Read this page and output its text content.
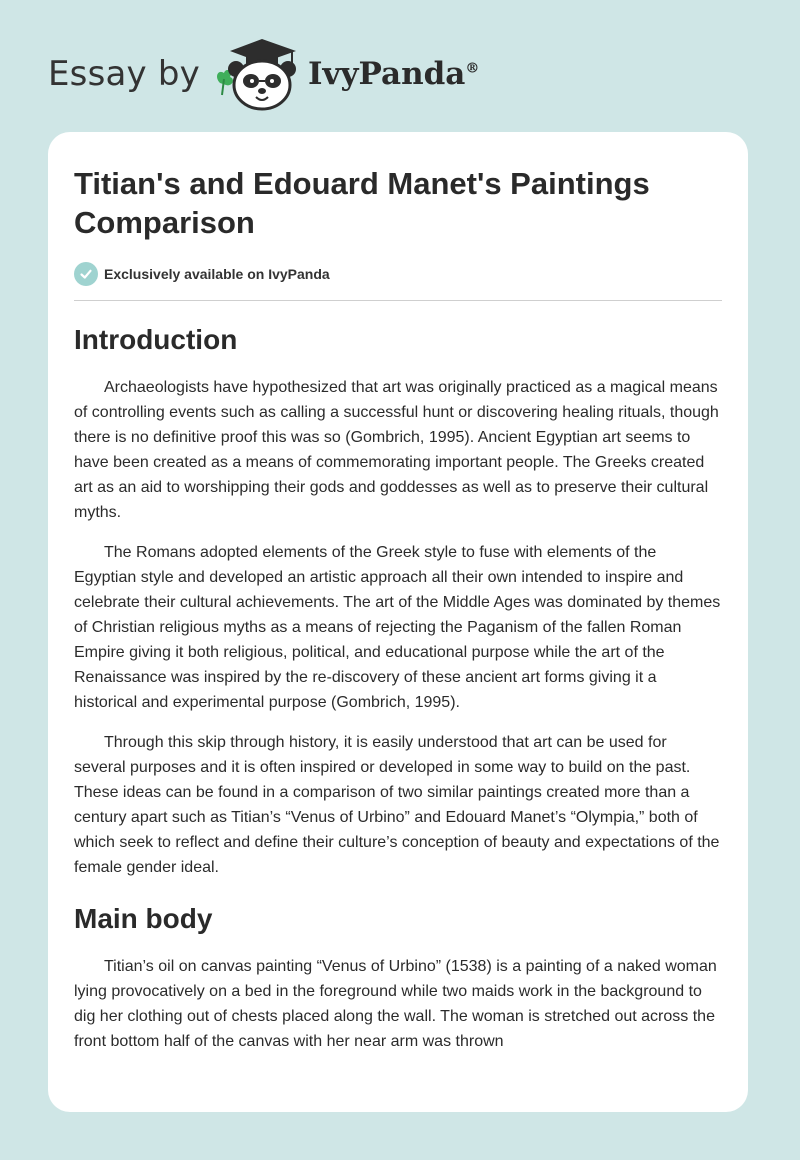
Essay by	IvyPanda®
Titian's and Edouard Manet's Paintings Comparison
Exclusively available on IvyPanda
Introduction

Archaeologists have hypothesized that art was originally practiced as a magical means of controlling events such as calling a successful hunt or discovering healing rituals, though there is no definitive proof this was so (Gombrich, 1995). Ancient Egyptian art seems to have been created as a means of commemorating important people. The Greeks created art as an aid to worshipping their gods and goddesses as well as to preserve their cultural myths.

The Romans adopted elements of the Greek style to fuse with elements of the Egyptian style and developed an artistic approach all their own intended to inspire and celebrate their cultural achievements. The art of the Middle Ages was dominated by themes of Christian religious myths as a means of rejecting the Paganism of the fallen Roman Empire giving it both religious, political, and educational purpose while the art of the Renaissance was inspired by the re-discovery of these ancient art forms giving it a historical and experimental purpose (Gombrich, 1995).

Through this skip through history, it is easily understood that art can be used for several purposes and it is often inspired or developed in some way to build on the past. These ideas can be found in a comparison of two similar paintings created more than a century apart such as Titian’s “Venus of Urbino” and Edouard Manet’s “Olympia,” both of which seek to reflect and define their culture’s conception of beauty and expectations of the female gender ideal.

Main body

Titian’s oil on canvas painting “Venus of Urbino” (1538) is a painting of a naked woman lying provocatively on a bed in the foreground while two maids work in the background to dig her clothing out of chests placed along the wall. The woman is stretched out across the front bottom half of the canvas with her near arm was thrown
